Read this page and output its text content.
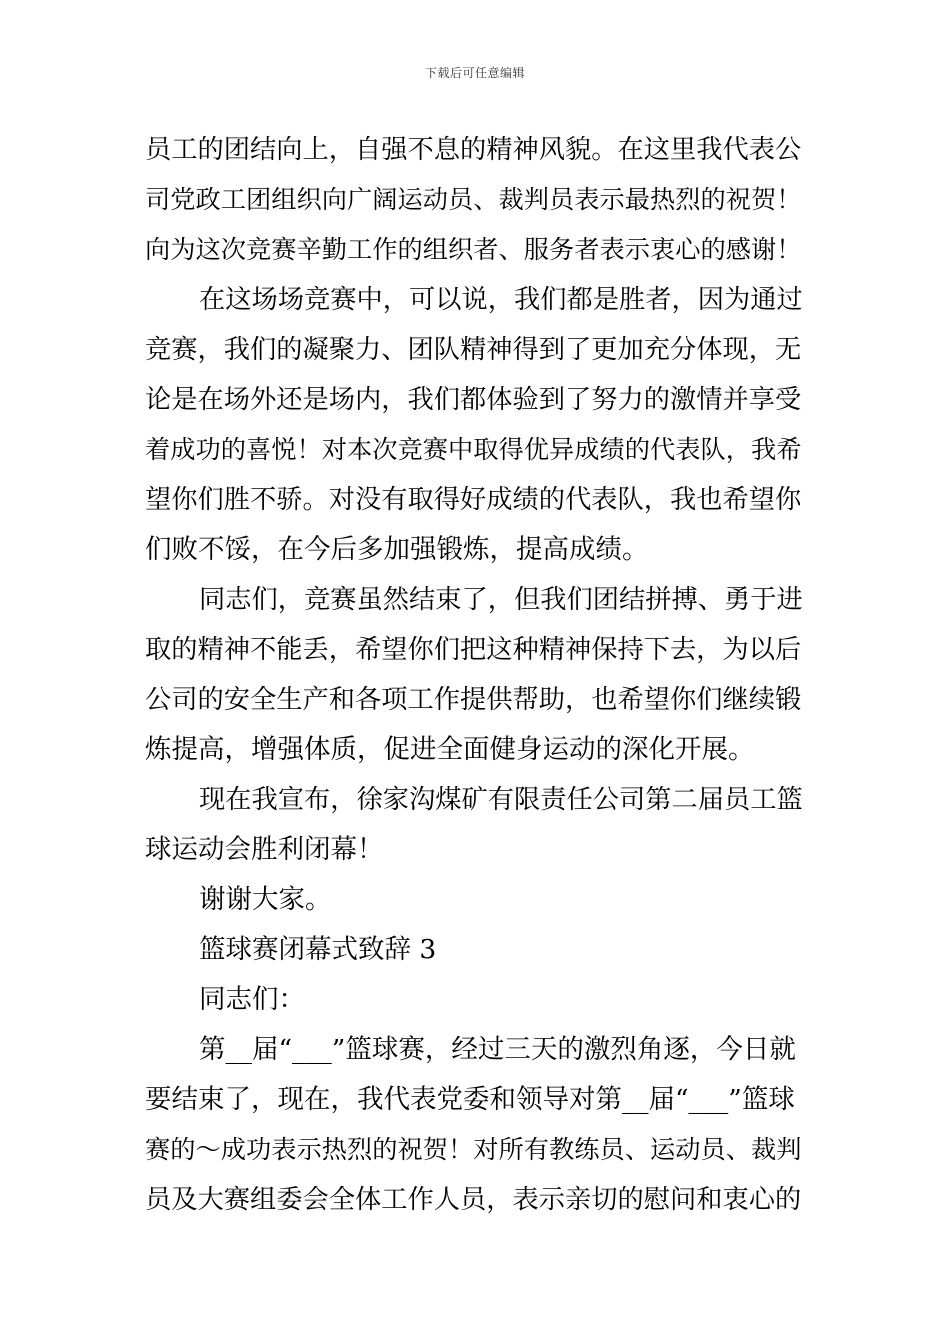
下载后可任意编辑
员工的团结向上，自强不息的精神风貌。在这里我代表公
司党政工团组织向广阔运动员、裁判员表示最热烈的祝贺！
向为这次竞赛辛勤工作的组织者、服务者表示衷心的感谢！
在这场场竞赛中，可以说，我们都是胜者，因为通过
竞赛，我们的凝聚力、团队精神得到了更加充分体现，无
论是在场外还是场内，我们都体验到了努力的激情并享受
着成功的喜悦！对本次竞赛中取得优异成绩的代表队，我希
望你们胜不骄。对没有取得好成绩的代表队，我也希望你
们败不馁，在今后多加强锻炼，提高成绩。
同志们，竞赛虽然结束了，但我们团结拼搏、勇于进
取的精神不能丢，希望你们把这种精神保持下去，为以后
公司的安全生产和各项工作提供帮助，也希望你们继续锻
炼提高，增强体质，促进全面健身运动的深化开展。
现在我宣布，徐家沟煤矿有限责任公司第二届员工篮
球运动会胜利闭幕！
谢谢大家。
篮球赛闭幕式致辞 3
同志们：
第__届“___”篮球赛，经过三天的激烈角逐，今日就
要结束了，现在，我代表党委和领导对第__届“___”篮球
赛的～成功表示热烈的祝贺！对所有教练员、运动员、裁判
员及大赛组委会全体工作人员，表示亲切的慰问和衷心的
